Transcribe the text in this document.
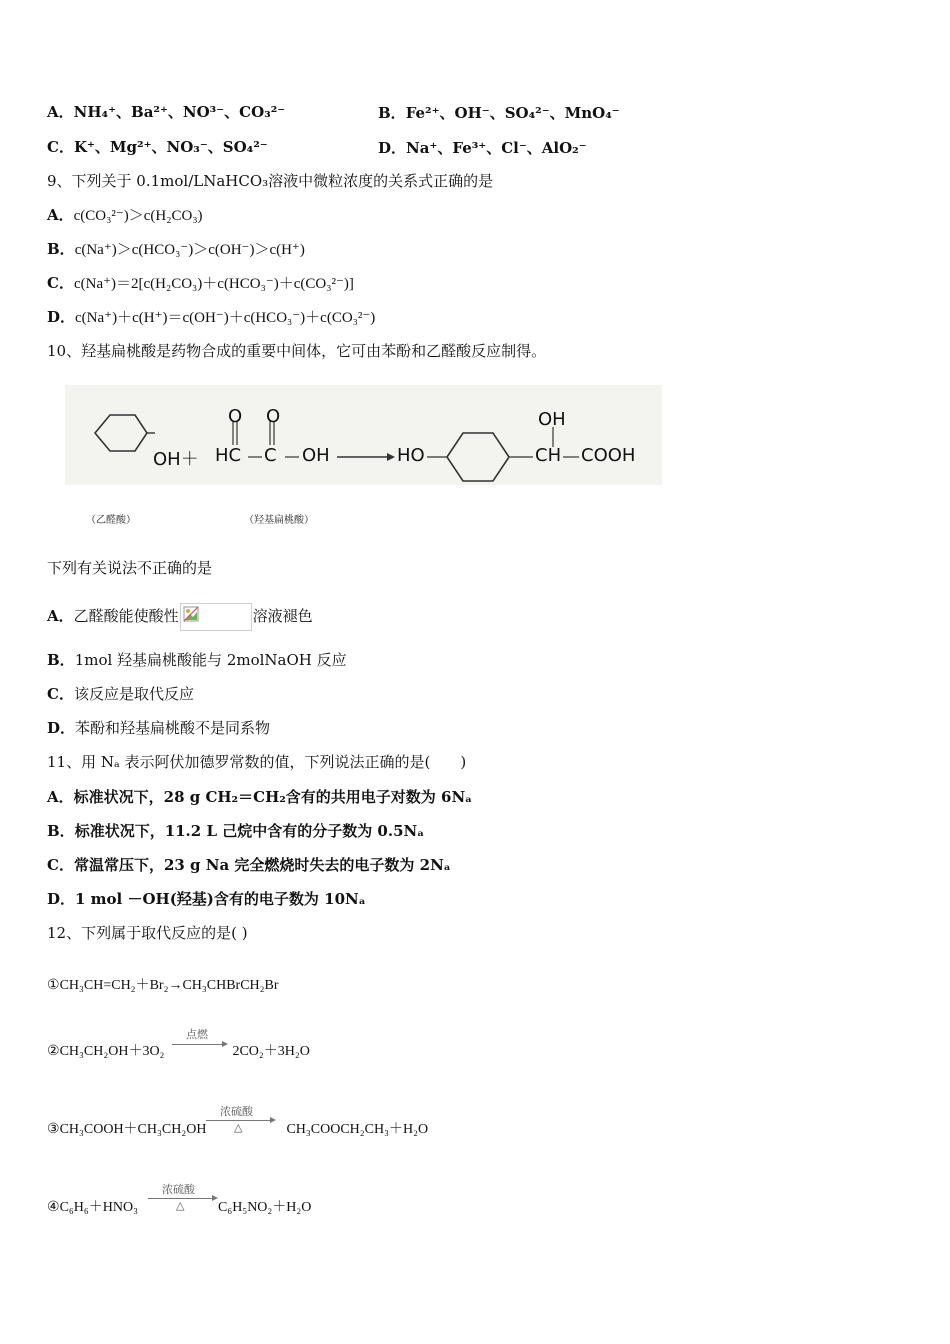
A．NH₄⁺、Ba²⁺、NO³⁻、CO₃²⁻	B．Fe²⁺、OH⁻、SO₄²⁻、MnO₄⁻
C．K⁺、Mg²⁺、NO₃⁻、SO₄²⁻	D．Na⁺、Fe³⁺、Cl⁻、AlO₂⁻
9、下列关于 0.1mol/LNaHCO₃溶液中微粒浓度的关系式正确的是
A．c(CO₃²⁻)＞c(H₂CO₃)
B．c(Na⁺)＞c(HCO₃⁻)＞c(OH⁻)＞c(H⁺)
C．c(Na⁺)＝2[c(H₂CO₃)＋c(HCO₃⁻)＋c(CO₃²⁻)]
D．c(Na⁺)＋c(H⁺)＝c(OH⁻)＋c(HCO₃⁻)＋c(CO₃²⁻)
10、羟基扁桃酸是药物合成的重要中间体，它可由苯酚和乙醛酸反应制得。
OH＋
O O
HC C OH	HO
OH
CH COOH
（乙醛酸）	（羟基扁桃酸）
下列有关说法不正确的是
A．乙醛酸能使酸性	溶液褪色
B．1mol 羟基扁桃酸能与 2molNaOH 反应
C．该反应是取代反应
D．苯酚和羟基扁桃酸不是同系物
11、用 Nₐ 表示阿伏加德罗常数的值，下列说法正确的是(　　)
A．标准状况下，28 g CH₂＝CH₂含有的共用电子对数为 6Nₐ
B．标准状况下，11.2 L 己烷中含有的分子数为 0.5Nₐ
C．常温常压下，23 g Na 完全燃烧时失去的电子数为 2Nₐ
D．1 mol －OH(羟基)含有的电子数为 10Nₐ
12、下列属于取代反应的是( )
①CH₃CH=CH₂＋Br₂→CH₃CHBrCH₂Br
②CH₃CH₂OH＋3O₂	2CO₂＋3H₂O
点燃
③CH₃COOH＋CH₃CH₂OH	CH₃COOCH₂CH₃＋H₂O
浓硫酸
△
④C₆H₆＋HNO₃	C₆H₅NO₂＋H₂O
浓硫酸
△
